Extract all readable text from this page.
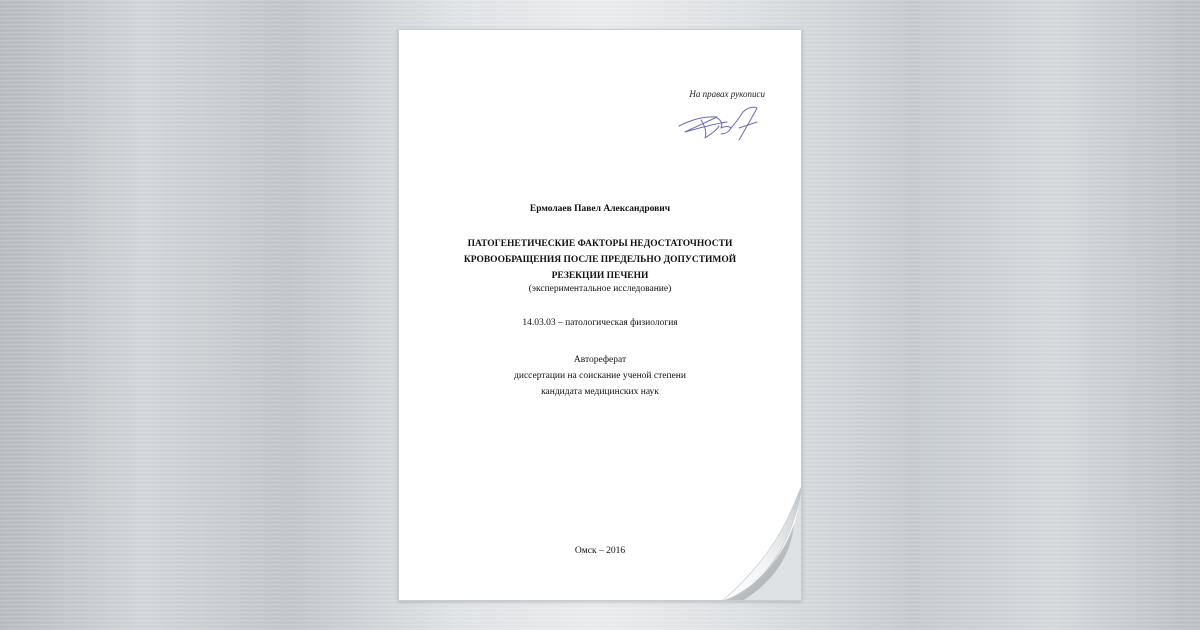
На правах рукописи
Ермолаев Павел Александрович
ПАТОГЕНЕТИЧЕСКИЕ ФАКТОРЫ НЕДОСТАТОЧНОСТИ
КРОВООБРАЩЕНИЯ ПОСЛЕ ПРЕДЕЛЬНО ДОПУСТИМОЙ
РЕЗЕКЦИИ ПЕЧЕНИ
(экспериментальное исследование)
14.03.03 – патологическая физиология
Автореферат
диссертации на соискание ученой степени
кандидата медицинских наук
Омск – 2016
